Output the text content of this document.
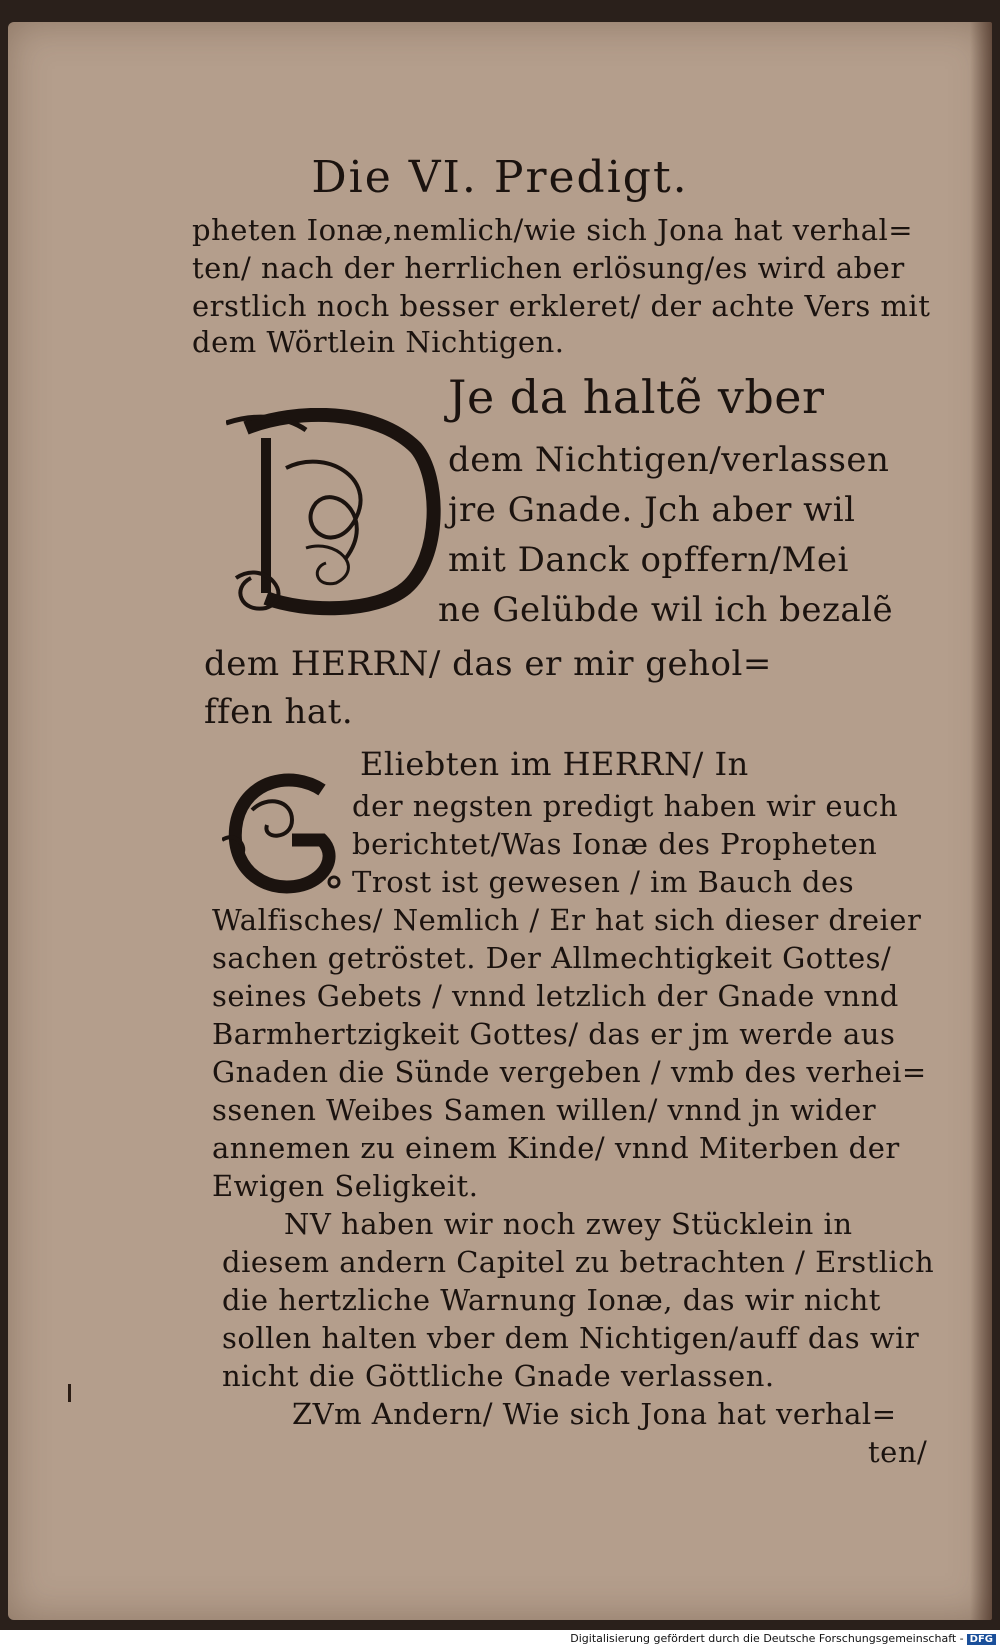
Die VI. Predigt.
pheten Ionæ,nemlich/wie sich Jona hat verhal=
ten/ nach der herrlichen erlösung/es wird aber
erstlich noch besser erkleret/ der achte Vers mit
dem Wörtlein Nichtigen.
Je da haltẽ vber
dem Nichtigen/verlassen
jre Gnade. Jch aber wil
mit Danck opffern/Mei
ne Gelübde wil ich bezalẽ
dem HERRN/ das er mir gehol=
ffen hat.
Eliebten im HERRN/ In
der negsten predigt haben wir euch
berichtet/Was Ionæ des Propheten
Trost ist gewesen / im Bauch des
Walfisches/ Nemlich / Er hat sich dieser dreier
sachen getröstet. Der Allmechtigkeit Gottes/
seines Gebets / vnnd letzlich der Gnade vnnd
Barmhertzigkeit Gottes/ das er jm werde aus
Gnaden die Sünde vergeben / vmb des verhei=
ssenen Weibes Samen willen/ vnnd jn wider
annemen zu einem Kinde/ vnnd Miterben der
Ewigen Seligkeit.
NV haben wir noch zwey Stücklein in
diesem andern Capitel zu betrachten / Erstlich
die hertzliche Warnung Ionæ, das wir nicht
sollen halten vber dem Nichtigen/auff das wir
nicht die Göttliche Gnade verlassen.
ZVm Andern/ Wie sich Jona hat verhal=
ten/
Digitalisierung gefördert durch die Deutsche Forschungsgemeinschaft - DFG
